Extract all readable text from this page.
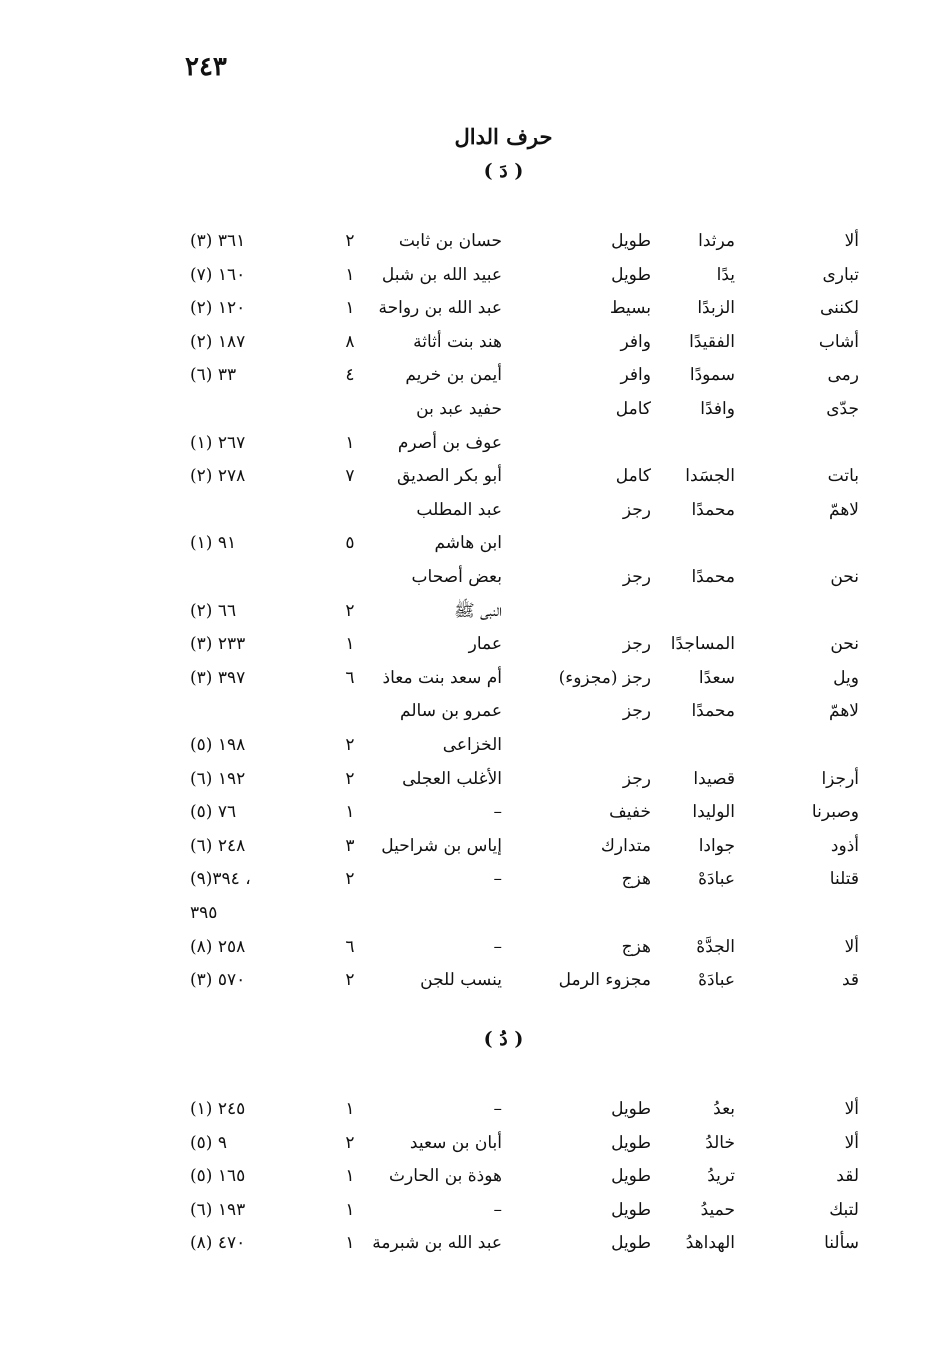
٢٤٣
حرف الدال
( دَ )
( دُ )
ألا
مرثدا
طويل
حسان بن ثابت
٢
٣٦١ (٣)
تبارى
يدًا
طويل
عبيد الله بن شبل
١
١٦٠ (٧)
لكننى
الزبدًا
بسيط
عبد الله بن رواحة
١
١٢٠ (٢)
أشاب
الفقيدًا
وافر
هند بنت أثاثة
٨
١٨٧ (٢)
رمى
سمودًا
وافر
أيمن بن خريم
٤
٣٣ (٦)
جدّى
وافدًا
كامل
حفيد عبد بن
عوف بن أصرم
١
٢٦٧ (١)
باتت
الجسَدا
كامل
أبو بكر الصديق
٧
٢٧٨ (٢)
لاهمّ
محمدًا
رجز
عبد المطلب
ابن هاشم
٥
٩١ (١)
نحن
محمدًا
رجز
بعض أصحاب
النبى ﷺ
٢
٦٦ (٢)
نحن
المساجدًا
رجز
عمار
١
٢٣٣ (٣)
ويل
سعدًا
رجز (مجزوء)
أم سعد بنت معاذ
٦
٣٩٧ (٣)
لاهمّ
محمدًا
رجز
عمرو بن سالم
الخزاعى
٢
١٩٨ (٥)
أرجزا
قصيدا
رجز
الأغلب العجلى
٢
١٩٢ (٦)
وصبرنا
الوليدا
خفيف
–
١
٧٦ (٥)
أذود
جوادا
متدارك
إياس بن شراحيل
٣
٢٤٨ (٦)
قتلنا
عبادَهْ
هزج
–
٢
٣٩٤(٩) ،
٣٩٥
ألا
الجدَّهْ
هزج
–
٦
٢٥٨ (٨)
قد
عبادَهْ
مجزوء الرمل
ينسب للجن
٢
٥٧٠ (٣)
ألا
بعدُ
طويل
–
١
٢٤٥ (١)
ألا
خالدُ
طويل
أبان بن سعيد
٢
٩ (٥)
لقد
تريدُ
طويل
هوذة بن الحارث
١
١٦٥ (٥)
لتبك
حميدُ
طويل
–
١
١٩٣ (٦)
سألنا
الهداهدُ
طويل
عبد الله بن شبرمة
١
٤٧٠ (٨)
